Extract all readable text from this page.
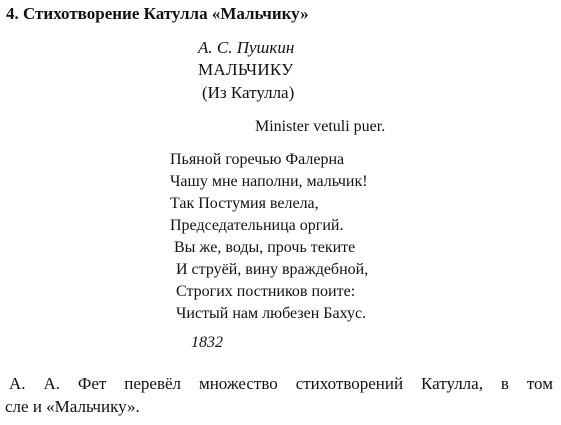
4. Стихотворение Катулла «Мальчику»
А. С. Пушкин
МАЛЬЧИКУ
(Из Катулла)
Minister vetuli puer.
Пьяной горечью Фалерна
Чашу мне наполни, мальчик!
Так Постумия велела,
Председательница оргий.
Вы же, воды, прочь теките
И струёй, вину враждебной,
Строгих постников поите:
Чистый нам любезен Бахус.
1832
А. А. Фет перевёл множество стихотворений Катулла, в том
сле и «Мальчику».
